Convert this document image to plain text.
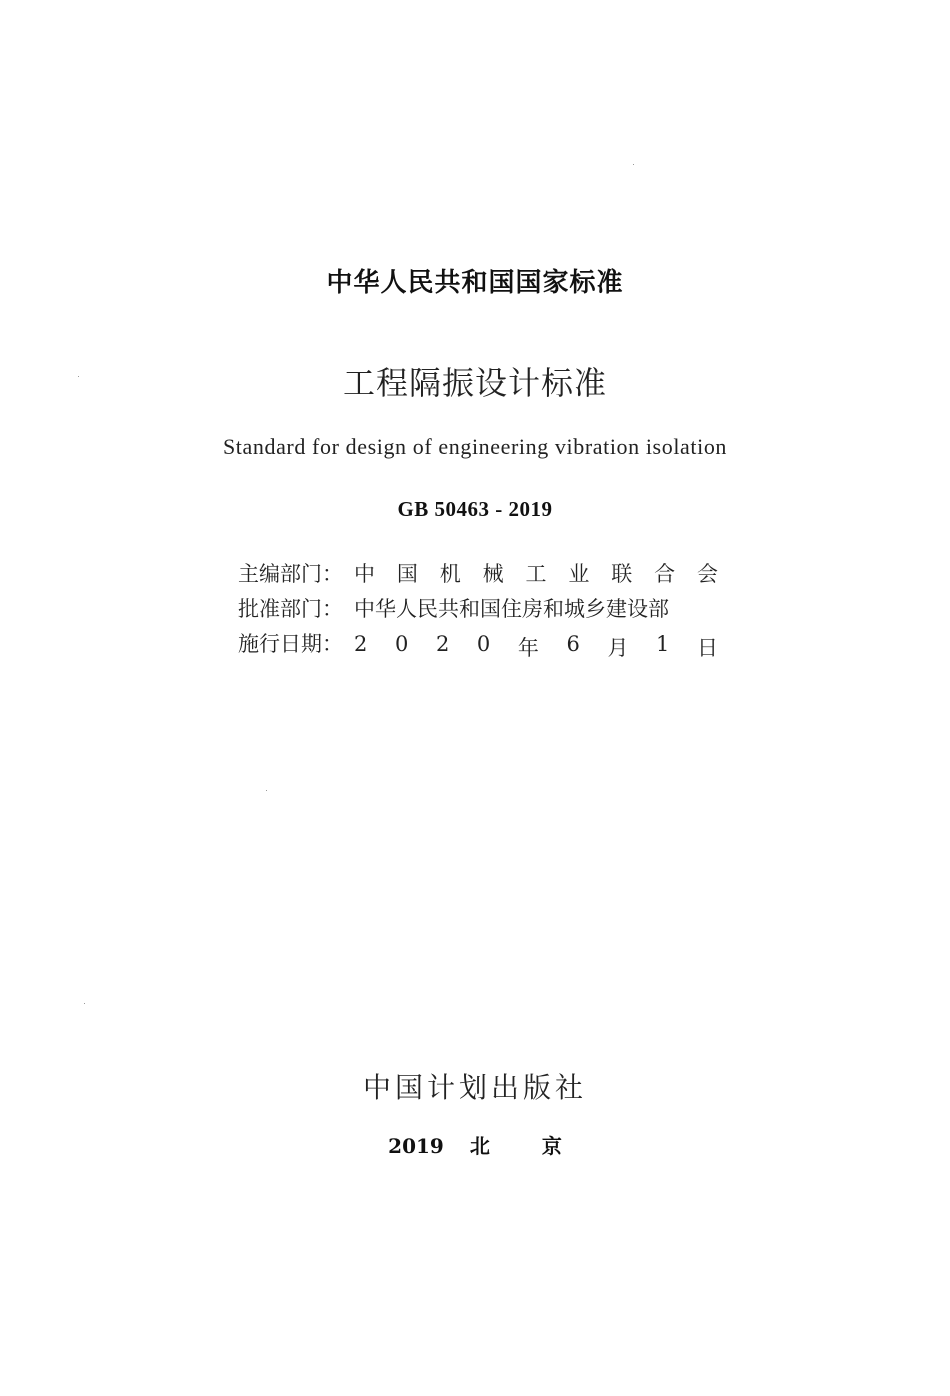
中华人民共和国国家标准
工程隔振设计标准
Standard for design of engineering vibration isolation
GB 50463 - 2019
主编部门： 中 国 机 械 工 业 联 合 会
批准部门： 中华人民共和国住房和城乡建设部
施行日期： 2 0 2 0 年 6 月 1 日
中国计划出版社
2019 北	京
